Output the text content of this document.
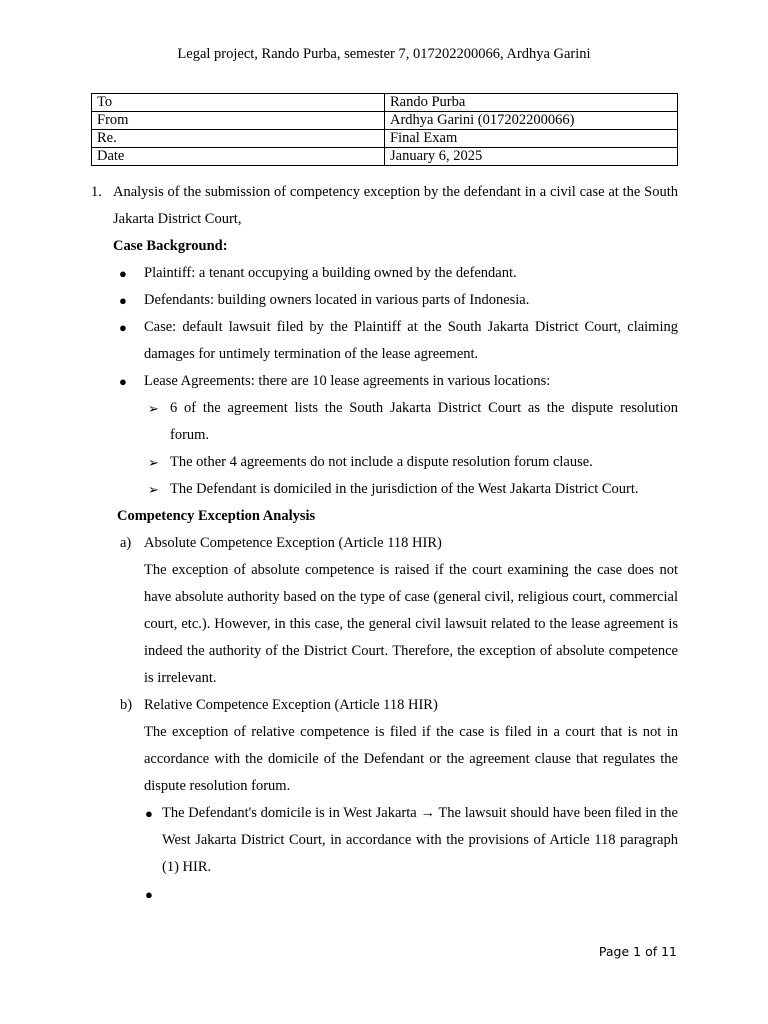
Legal project, Rando Purba, semester 7, 017202200066, Ardhya Garini
To	Rando Purba
From	Ardhya Garini (017202200066)
Re.	Final Exam
Date	January 6, 2025
1. Analysis of the submission of competency exception by the defendant in a civil case at the South Jakarta District Court,
Case Background:
● Plaintiff: a tenant occupying a building owned by the defendant.
● Defendants: building owners located in various parts of Indonesia.
● Case: default lawsuit filed by the Plaintiff at the South Jakarta District Court, claiming damages for untimely termination of the lease agreement.
● Lease Agreements: there are 10 lease agreements in various locations:
➢ 6 of the agreement lists the South Jakarta District Court as the dispute resolution forum.
➢ The other 4 agreements do not include a dispute resolution forum clause.
➢ The Defendant is domiciled in the jurisdiction of the West Jakarta District Court.
Competency Exception Analysis
a) Absolute Competence Exception (Article 118 HIR)
The exception of absolute competence is raised if the court examining the case does not have absolute authority based on the type of case (general civil, religious court, commercial court, etc.). However, in this case, the general civil lawsuit related to the lease agreement is indeed the authority of the District Court. Therefore, the exception of absolute competence is irrelevant.
b) Relative Competence Exception (Article 118 HIR)
The exception of relative competence is filed if the case is filed in a court that is not in accordance with the domicile of the Defendant or the agreement clause that regulates the dispute resolution forum.
● The Defendant's domicile is in West Jakarta → The lawsuit should have been filed in the West Jakarta District Court, in accordance with the provisions of Article 118 paragraph (1) HIR.
●
Page 1 of 11
